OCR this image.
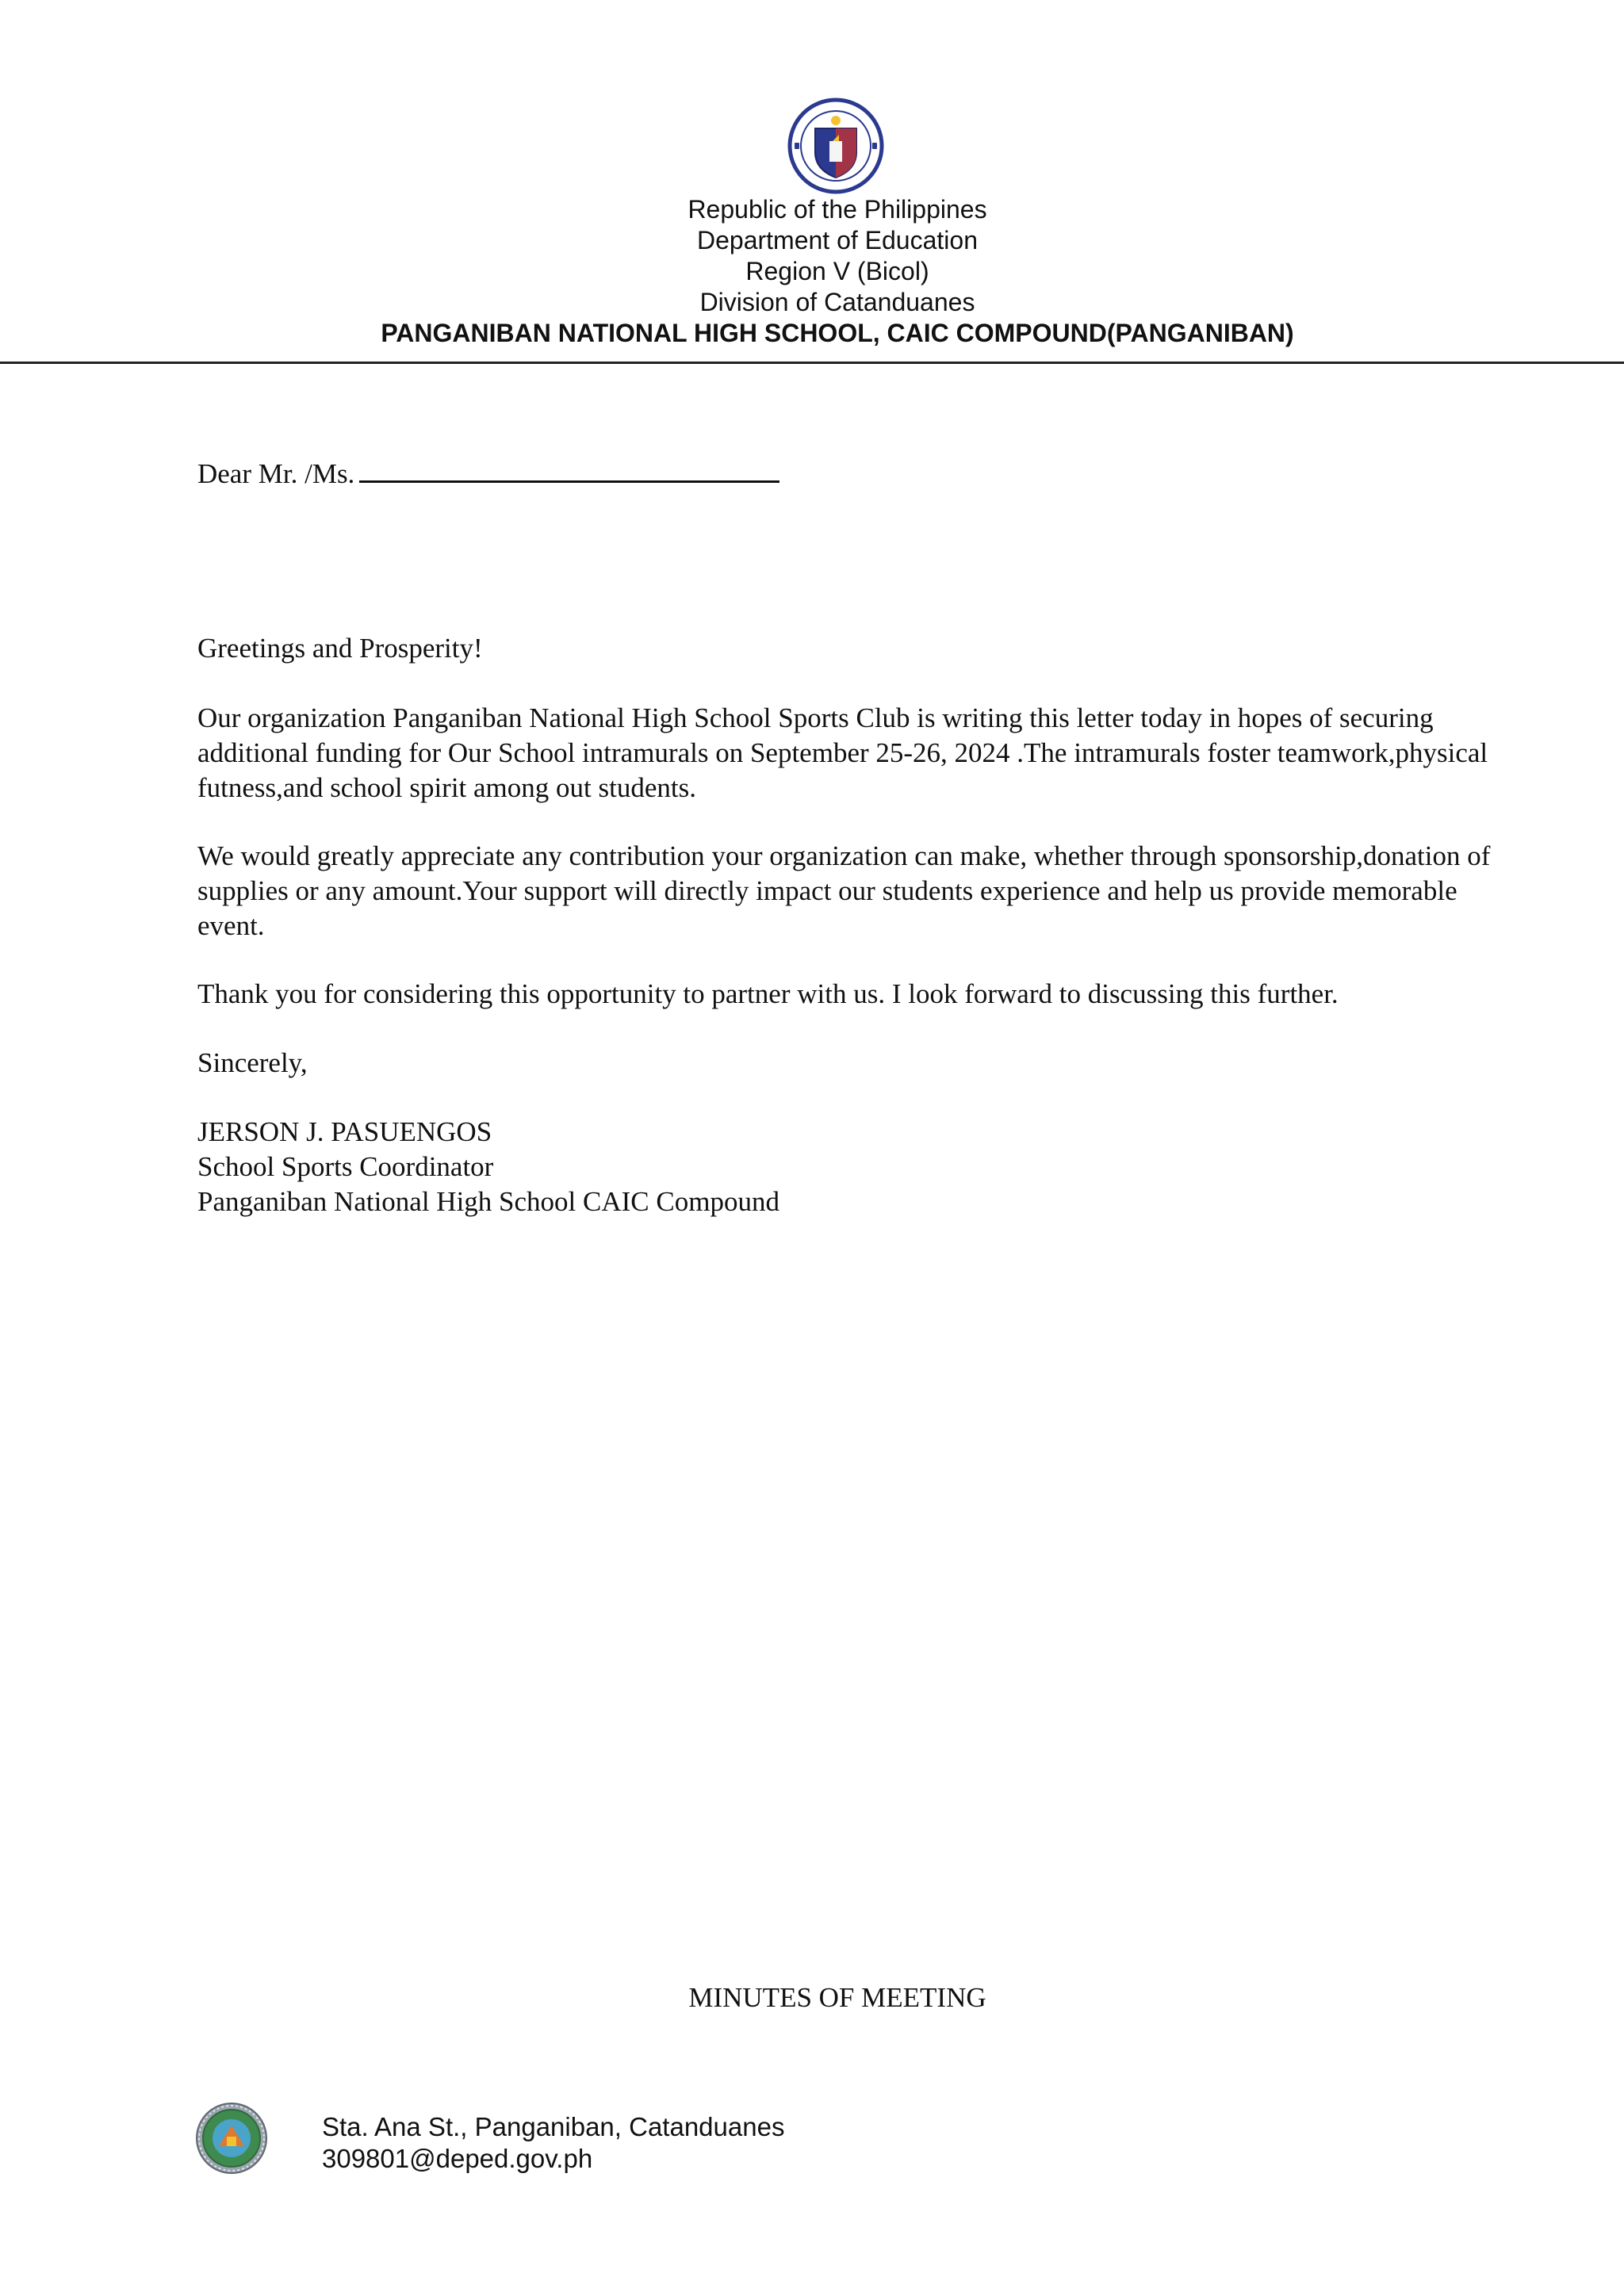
Republic of the Philippines
Department of Education
Region V (Bicol)
Division of Catanduanes
PANGANIBAN NATIONAL HIGH SCHOOL, CAIC COMPOUND(PANGANIBAN)
Dear Mr. /Ms.

Greetings and Prosperity!

Our organization Panganiban National High School Sports Club is writing this letter today in hopes of securing additional funding for Our School intramurals on September 25-26, 2024 .The intramurals foster teamwork,physical futness,and school spirit among out students.

We would greatly appreciate any contribution your organization can make, whether through sponsorship,donation of supplies or any amount.Your support will directly impact our students experience and help us provide memorable event.

Thank you for considering this opportunity to partner with us. I look forward to discussing this further.

Sincerely,

JERSON J. PASUENGOS
School Sports Coordinator
Panganiban National High School CAIC Compound
MINUTES OF MEETING
Sta. Ana St., Panganiban, Catanduanes
309801@deped.gov.ph
